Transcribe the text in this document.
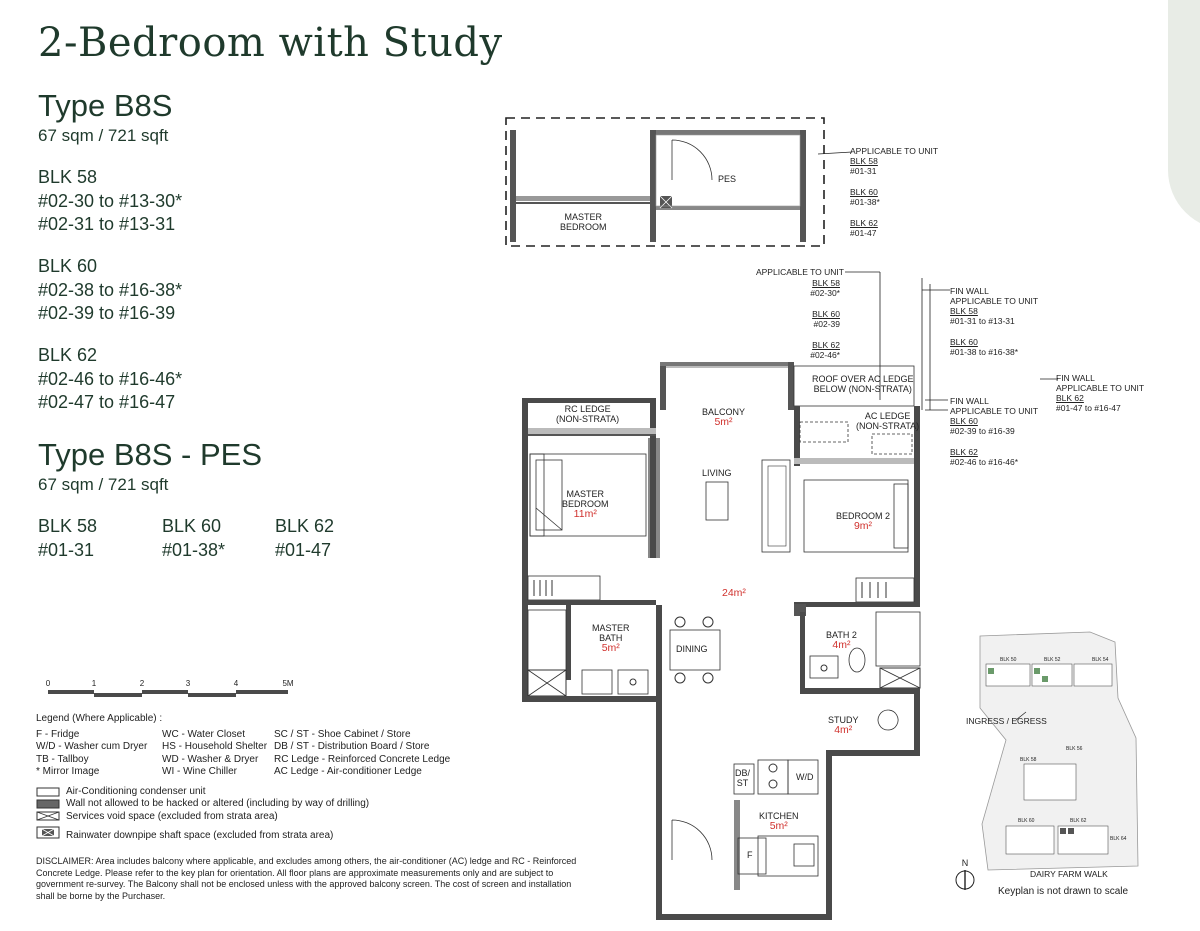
2-Bedroom with Study
Type B8S
67 sqm / 721 sqft
BLK 58
#02-30 to #13-30*
#02-31 to #13-31
BLK 60
#02-38 to #16-38*
#02-39 to #16-39
BLK 62
#02-46 to #16-46*
#02-47 to #16-47
Type B8S - PES
67 sqm / 721 sqft
BLK 58
#01-31
BLK 60
#01-38*
BLK 62
#01-47
0	1	2	3	4	5M
Legend (Where Applicable) :
F - Fridge
W/D - Washer cum Dryer
TB - Tallboy
* Mirror Image
WC - Water Closet
HS - Household Shelter
WD - Washer & Dryer
WI - Wine Chiller
SC / ST - Shoe Cabinet / Store
DB / ST - Distribution Board / Store
RC Ledge - Reinforced Concrete Ledge
AC Ledge - Air-conditioner Ledge
Air-Conditioning condenser unit
Wall not allowed to be hacked or altered (including by way of drilling)
Services void space (excluded from strata area)
Rainwater downpipe shaft space (excluded from strata area)
DISCLAIMER: Area includes balcony where applicable, and excludes among others, the air-conditioner (AC) ledge and RC - Reinforced Concrete Ledge. Please refer to the key plan for orientation. All floor plans are approximate measurements only and are subject to government re-survey. The Balcony shall not be enclosed unless with the approved balcony screen. The cost of screen and installation shall be borne by the Purchaser.
PES
MASTER
BEDROOM
APPLICABLE TO UNIT
BLK 58
#01-31
BLK 60
#01-38*
BLK 62
#01-47
RC LEDGE
(NON-STRATA)
BALCONY
5m²
ROOF OVER AC LEDGE
BELOW (NON-STRATA)
AC LEDGE
(NON-STRATA)
LIVING
MASTER
BEDROOM
11m²	BEDROOM 2
9m²
24m²
MASTER
BATH
5m²	DINING
BATH 2
4m²
STUDY
4m²
DB/
ST
W/D
KITCHEN
5m²
F
APPLICABLE TO UNIT
BLK 58
#02-30*
BLK 60
#02-39
BLK 62
#02-46*
FIN WALL
APPLICABLE TO UNIT
BLK 58
#01-31 to #13-31
BLK 60
#01-38 to #16-38*
FIN WALL
APPLICABLE TO UNIT
BLK 60
#02-39 to #16-39
BLK 62
#02-46 to #16-46*
FIN WALL
APPLICABLE TO UNIT
BLK 62
#01-47 to #16-47
BLK 50	BLK 52	BLK 54
BLK 56
BLK 58
BLK 60	BLK 62
BLK 64
INGRESS / EGRESS
DAIRY FARM WALK
N
Keyplan is not drawn to scale
